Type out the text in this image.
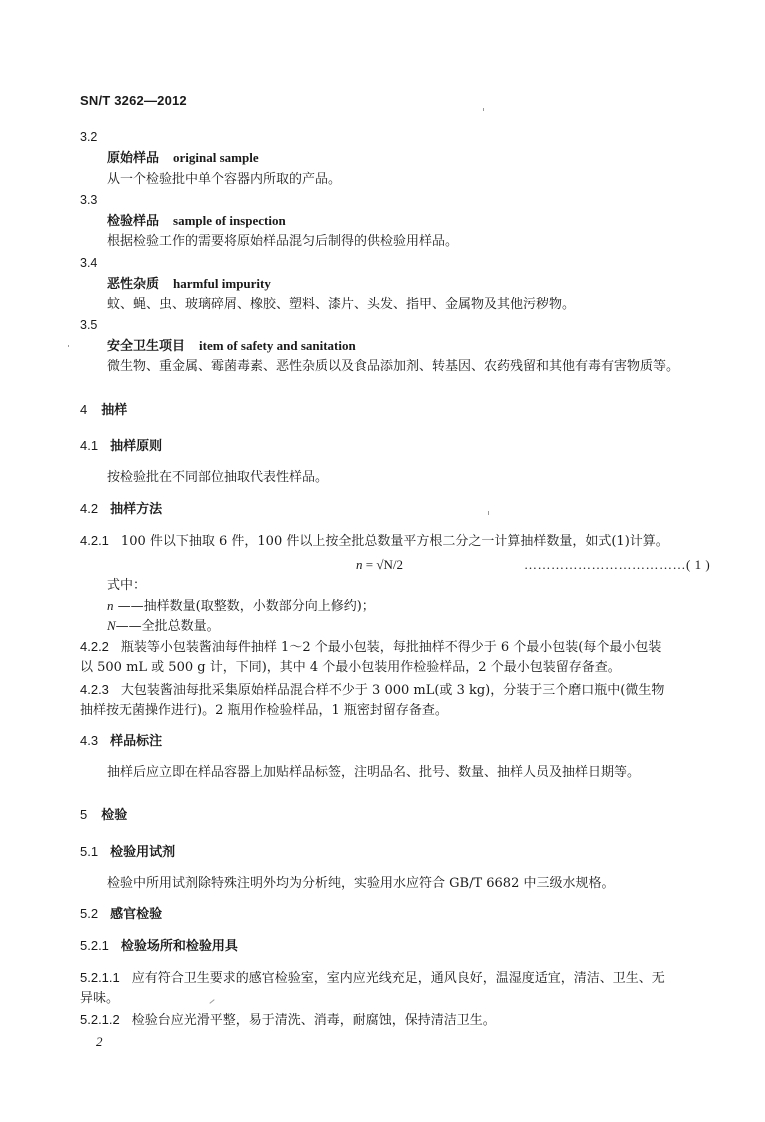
SN/T 3262—2012
3.2
原始样品 original sample
从一个检验批中单个容器内所取的产品。
3.3
检验样品 sample of inspection
根据检验工作的需要将原始样品混匀后制得的供检验用样品。
3.4
恶性杂质 harmful impurity
蚊、蝇、虫、玻璃碎屑、橡胶、塑料、漆片、头发、指甲、金属物及其他污秽物。
3.5
安全卫生项目 item of safety and sanitation
微生物、重金属、霉菌毒素、恶性杂质以及食品添加剂、转基因、农药残留和其他有毒有害物质等。
4 抽样
4.1 抽样原则
按检验批在不同部位抽取代表性样品。
4.2 抽样方法
4.2.1 100 件以下抽取 6 件，100 件以上按全批总数量平方根二分之一计算抽样数量，如式(1)计算。
n = √N/2	………………………………( 1 )
式中：
n ——抽样数量(取整数，小数部分向上修约)；
N——全批总数量。
4.2.2 瓶装等小包装酱油每件抽样 1～2 个最小包装，每批抽样不得少于 6 个最小包装(每个最小包装
以 500 mL 或 500 g 计，下同)，其中 4 个最小包装用作检验样品，2 个最小包装留存备查。
4.2.3 大包装酱油每批采集原始样品混合样不少于 3 000 mL(或 3 kg)，分装于三个磨口瓶中(微生物
抽样按无菌操作进行)。2 瓶用作检验样品，1 瓶密封留存备查。
4.3 样品标注
抽样后应立即在样品容器上加贴样品标签，注明品名、批号、数量、抽样人员及抽样日期等。
5 检验
5.1 检验用试剂
检验中所用试剂除特殊注明外均为分析纯，实验用水应符合 GB/T 6682 中三级水规格。
5.2 感官检验
5.2.1 检验场所和检验用具
5.2.1.1 应有符合卫生要求的感官检验室，室内应光线充足，通风良好，温湿度适宜，清洁、卫生、无
异味。
5.2.1.2 检验台应光滑平整，易于清洗、消毒，耐腐蚀，保持清洁卫生。
2
